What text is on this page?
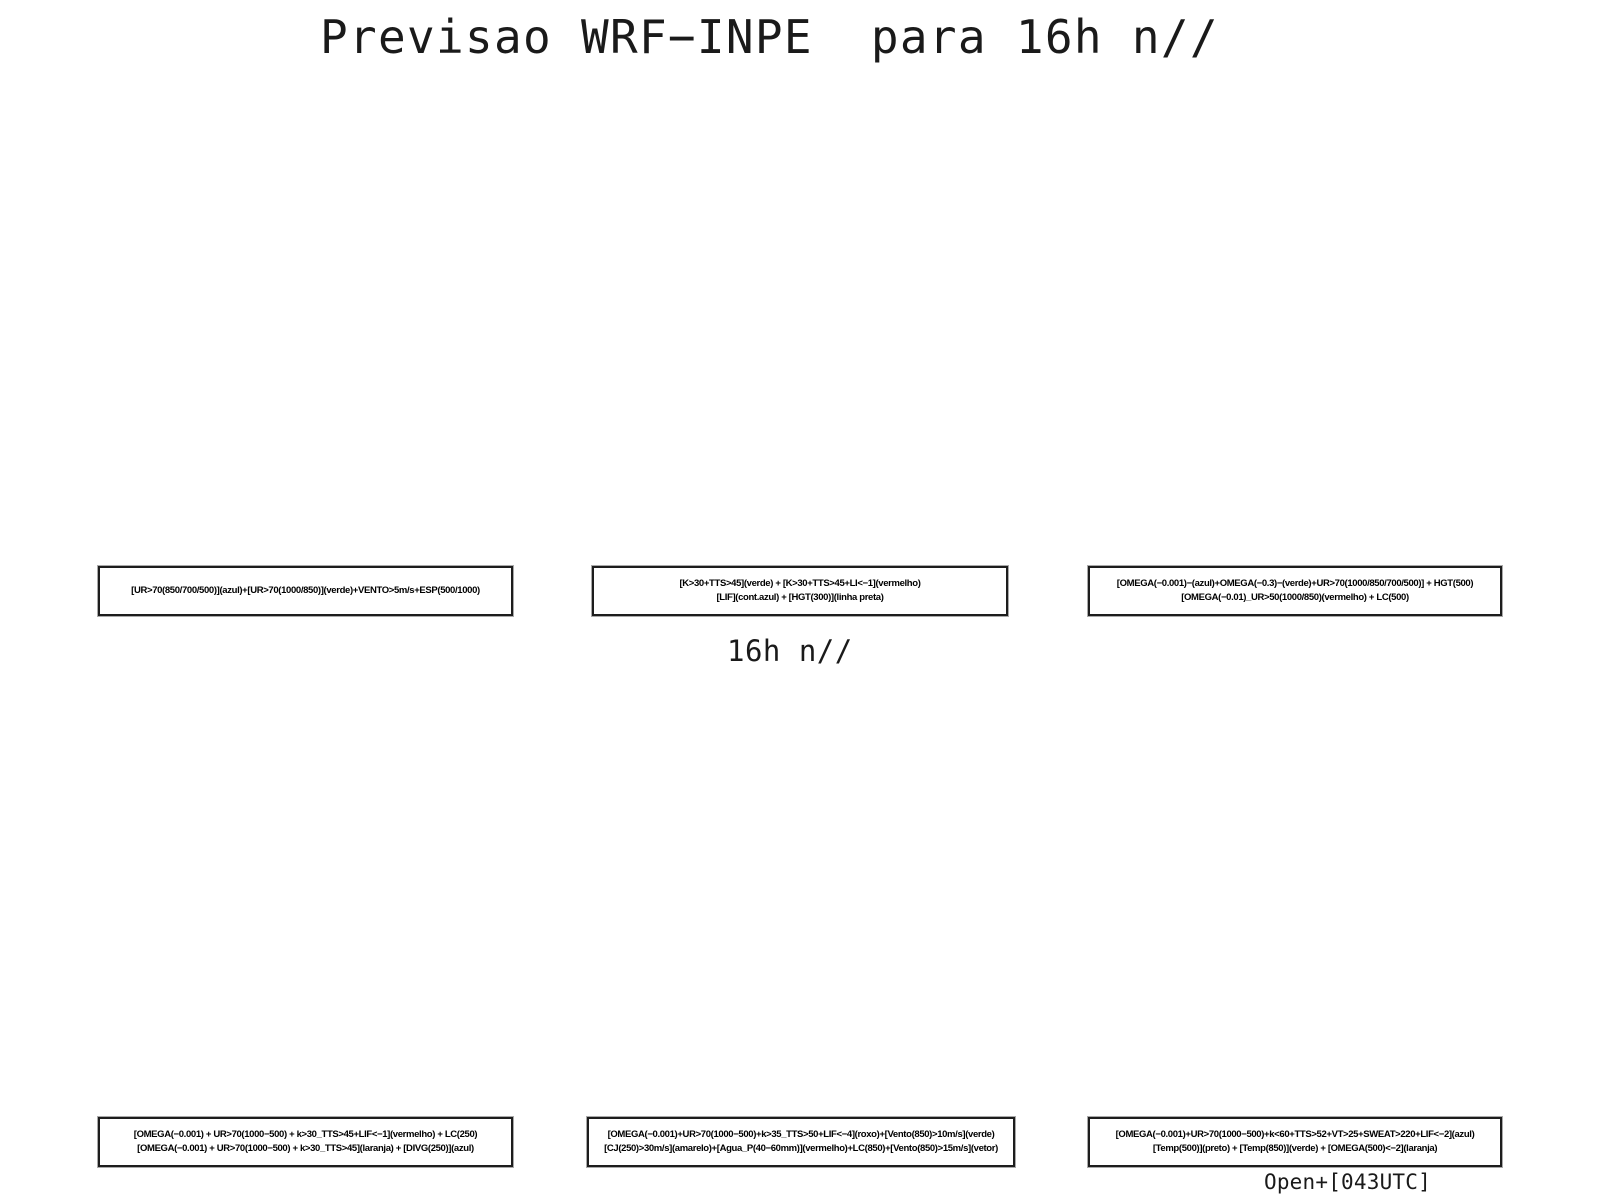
Previsao WRF−INPE  para 16h n//
[UR>70(850/700/500)](azul)+[UR>70(1000/850)](verde)+VENTO>5m/s+ESP(500/1000)
[K>30+TTS>45](verde) + [K>30+TTS>45+LI<−1](vermelho)
[LIF](cont.azul) + [HGT(300)](linha preta)
[OMEGA(−0.001)−(azul)+OMEGA(−0.3)−(verde)+UR>70(1000/850/700/500)] + HGT(500)
[OMEGA(−0.01)_UR>50(1000/850)(vermelho) + LC(500)
16h n//
[OMEGA(−0.001) + UR>70(1000−500) + k>30_TTS>45+LIF<−1](vermelho) + LC(250)
[OMEGA(−0.001) + UR>70(1000−500) + k>30_TTS>45](laranja) + [DIVG(250)](azul)
[OMEGA(−0.001)+UR>70(1000−500)+k>35_TTS>50+LIF<−4](roxo)+[Vento(850)>10m/s](verde)
[CJ(250)>30m/s](amarelo)+[Agua_P(40−60mm)](vermelho)+LC(850)+[Vento(850)>15m/s](vetor)
[OMEGA(−0.001)+UR>70(1000−500)+k<60+TTS>52+VT>25+SWEAT>220+LIF<−2](azul)
[Temp(500)](preto) + [Temp(850)](verde) + [OMEGA(500)<−2](laranja)
Open+[043UTC]
